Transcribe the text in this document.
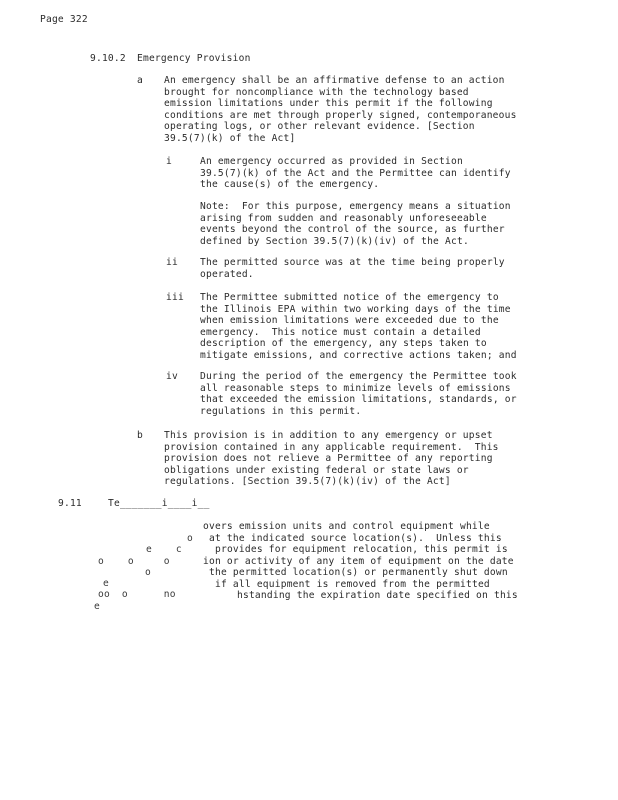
Page 322
9.10.2 Emergency Provision
a An emergency shall be an affirmative defense to an action
brought for noncompliance with the technology based
emission limitations under this permit if the following
conditions are met through properly signed, contemporaneous
operating logs, or other relevant evidence. [Section
39.5(7)(k) of the Act]
i	An emergency occurred as provided in Section
39.5(7)(k) of the Act and the Permittee can identify
the cause(s) of the emergency.
Note:  For this purpose, emergency means a situation
arising from sudden and reasonably unforeseeable
events beyond the control of the source, as further
defined by Section 39.5(7)(k)(iv) of the Act.
ii The permitted source was at the time being properly
operated.
iii The Permittee submitted notice of the emergency to
the Illinois EPA within two working days of the time
when emission limitations were exceeded due to the
emergency.  This notice must contain a detailed
description of the emergency, any steps taken to
mitigate emissions, and corrective actions taken; and
iv During the period of the emergency the Permittee took
all reasonable steps to minimize levels of emissions
that exceeded the emission limitations, standards, or
regulations in this permit.
b This provision is in addition to any emergency or upset
provision contained in any applicable requirement.  This
provision does not relieve a Permittee of any reporting
obligations under existing federal or state laws or
regulations. [Section 39.5(7)(k)(iv) of the Act]
9.11	Te_______i____i__
overs emission units and control equipment while
at the indicated source location(s).  Unless this
provides for equipment relocation, this permit is
ion or activity of any item of equipment on the date
the permitted location(s) or permanently shut down
if all equipment is removed from the permitted
hstanding the expiration date specified on this
o
e    c
o    o     o
o
e
oo  o      no
e
